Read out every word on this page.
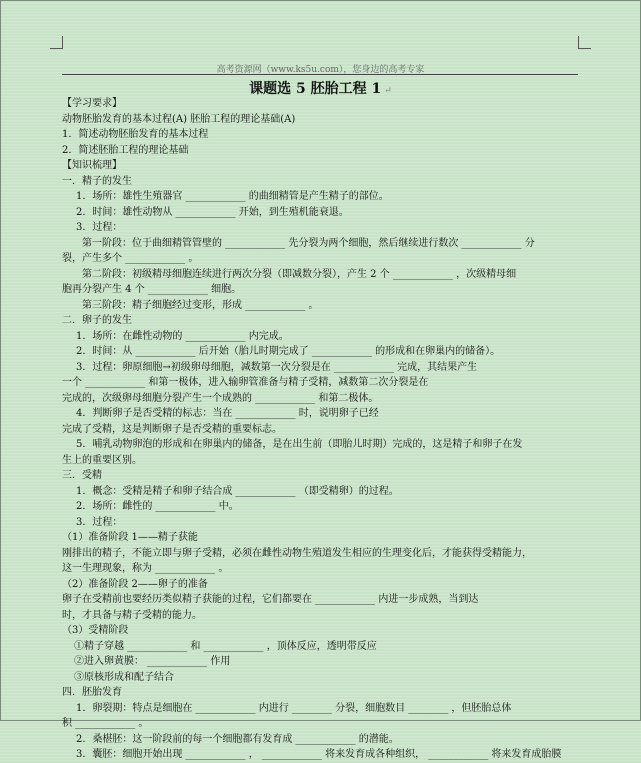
高考资源网（www.ks5u.com），您身边的高考专家
课题选 5 胚胎工程 1 ↵
【学习要求】
动物胚胎发育的基本过程(A) 胚胎工程的理论基础(A)
1．简述动物胚胎发育的基本过程
2．简述胚胎工程的理论基础
【知识梳理】
一．精子的发生
1．场所：雄性生殖器官 ____________ 的曲细精管是产生精子的部位。
2．时间：雄性动物从 ____________ 开始，到生殖机能衰退。
3．过程：
第一阶段：位于曲细精管管壁的 ____________ 先分裂为两个细胞，然后继续进行数次 ____________ 分
裂，产生多个 ____________ 。
第二阶段：初级精母细胞连续进行两次分裂（即减数分裂），产生 2 个 ____________ ，次级精母细
胞再分裂产生 4 个 ____________ 细胞。
第三阶段：精子细胞经过变形，形成 ____________ 。
二．卵子的发生
1．场所：在雌性动物的 ____________ 内完成。
2．时间：从 ____________ 后开始（胎儿时期完成了 ____________ 的形成和在卵巢内的储备）。
3．过程：卵原细胞→初级卵母细胞，减数第一次分裂是在 ____________ 完成，其结果产生
一个 ____________ 和第一极体，进入输卵管准备与精子受精，减数第二次分裂是在
完成的，次级卵母细胞分裂产生一个成熟的 ____________ 和第二极体。
4．判断卵子是否受精的标志：当在 ____________ 时，说明卵子已经
完成了受精，这是判断卵子是否受精的重要标志。
5．哺乳动物卵泡的形成和在卵巢内的储备，是在出生前（即胎儿时期）完成的，这是精子和卵子在发
生上的重要区别。
三．受精
1．概念：受精是精子和卵子结合成 ____________ （即受精卵）的过程。
2．场所：雌性的 ____________ 中。
3．过程：
（1）准备阶段 1——精子获能
刚排出的精子，不能立即与卵子受精，必须在雌性动物生殖道发生相应的生理变化后，才能获得受精能力，
这一生理现象，称为 ____________ 。
（2）准备阶段 2——卵子的准备
卵子在受精前也要经历类似精子获能的过程，它们都要在 ____________ 内进一步成熟，当到达
时，才具备与精子受精的能力。
（3）受精阶段
①精子穿越 ____________ 和 ____________ ，顶体反应，透明带反应
②进入卵黄膜： ____________ 作用
③原核形成和配子结合
四．胚胎发育
1．卵裂期：特点是细胞在 ____________ 内进行 ________ 分裂，细胞数目 ________ ，但胚胎总体
积 ____________ 。
2．桑椹胚：这一阶段前的每一个细胞都有发育成 ____________ 的潜能。
3．囊胚：细胞开始出现 ____________ ， ____________ 将来发育成各种组织， ____________ 将来发育成胎膜
